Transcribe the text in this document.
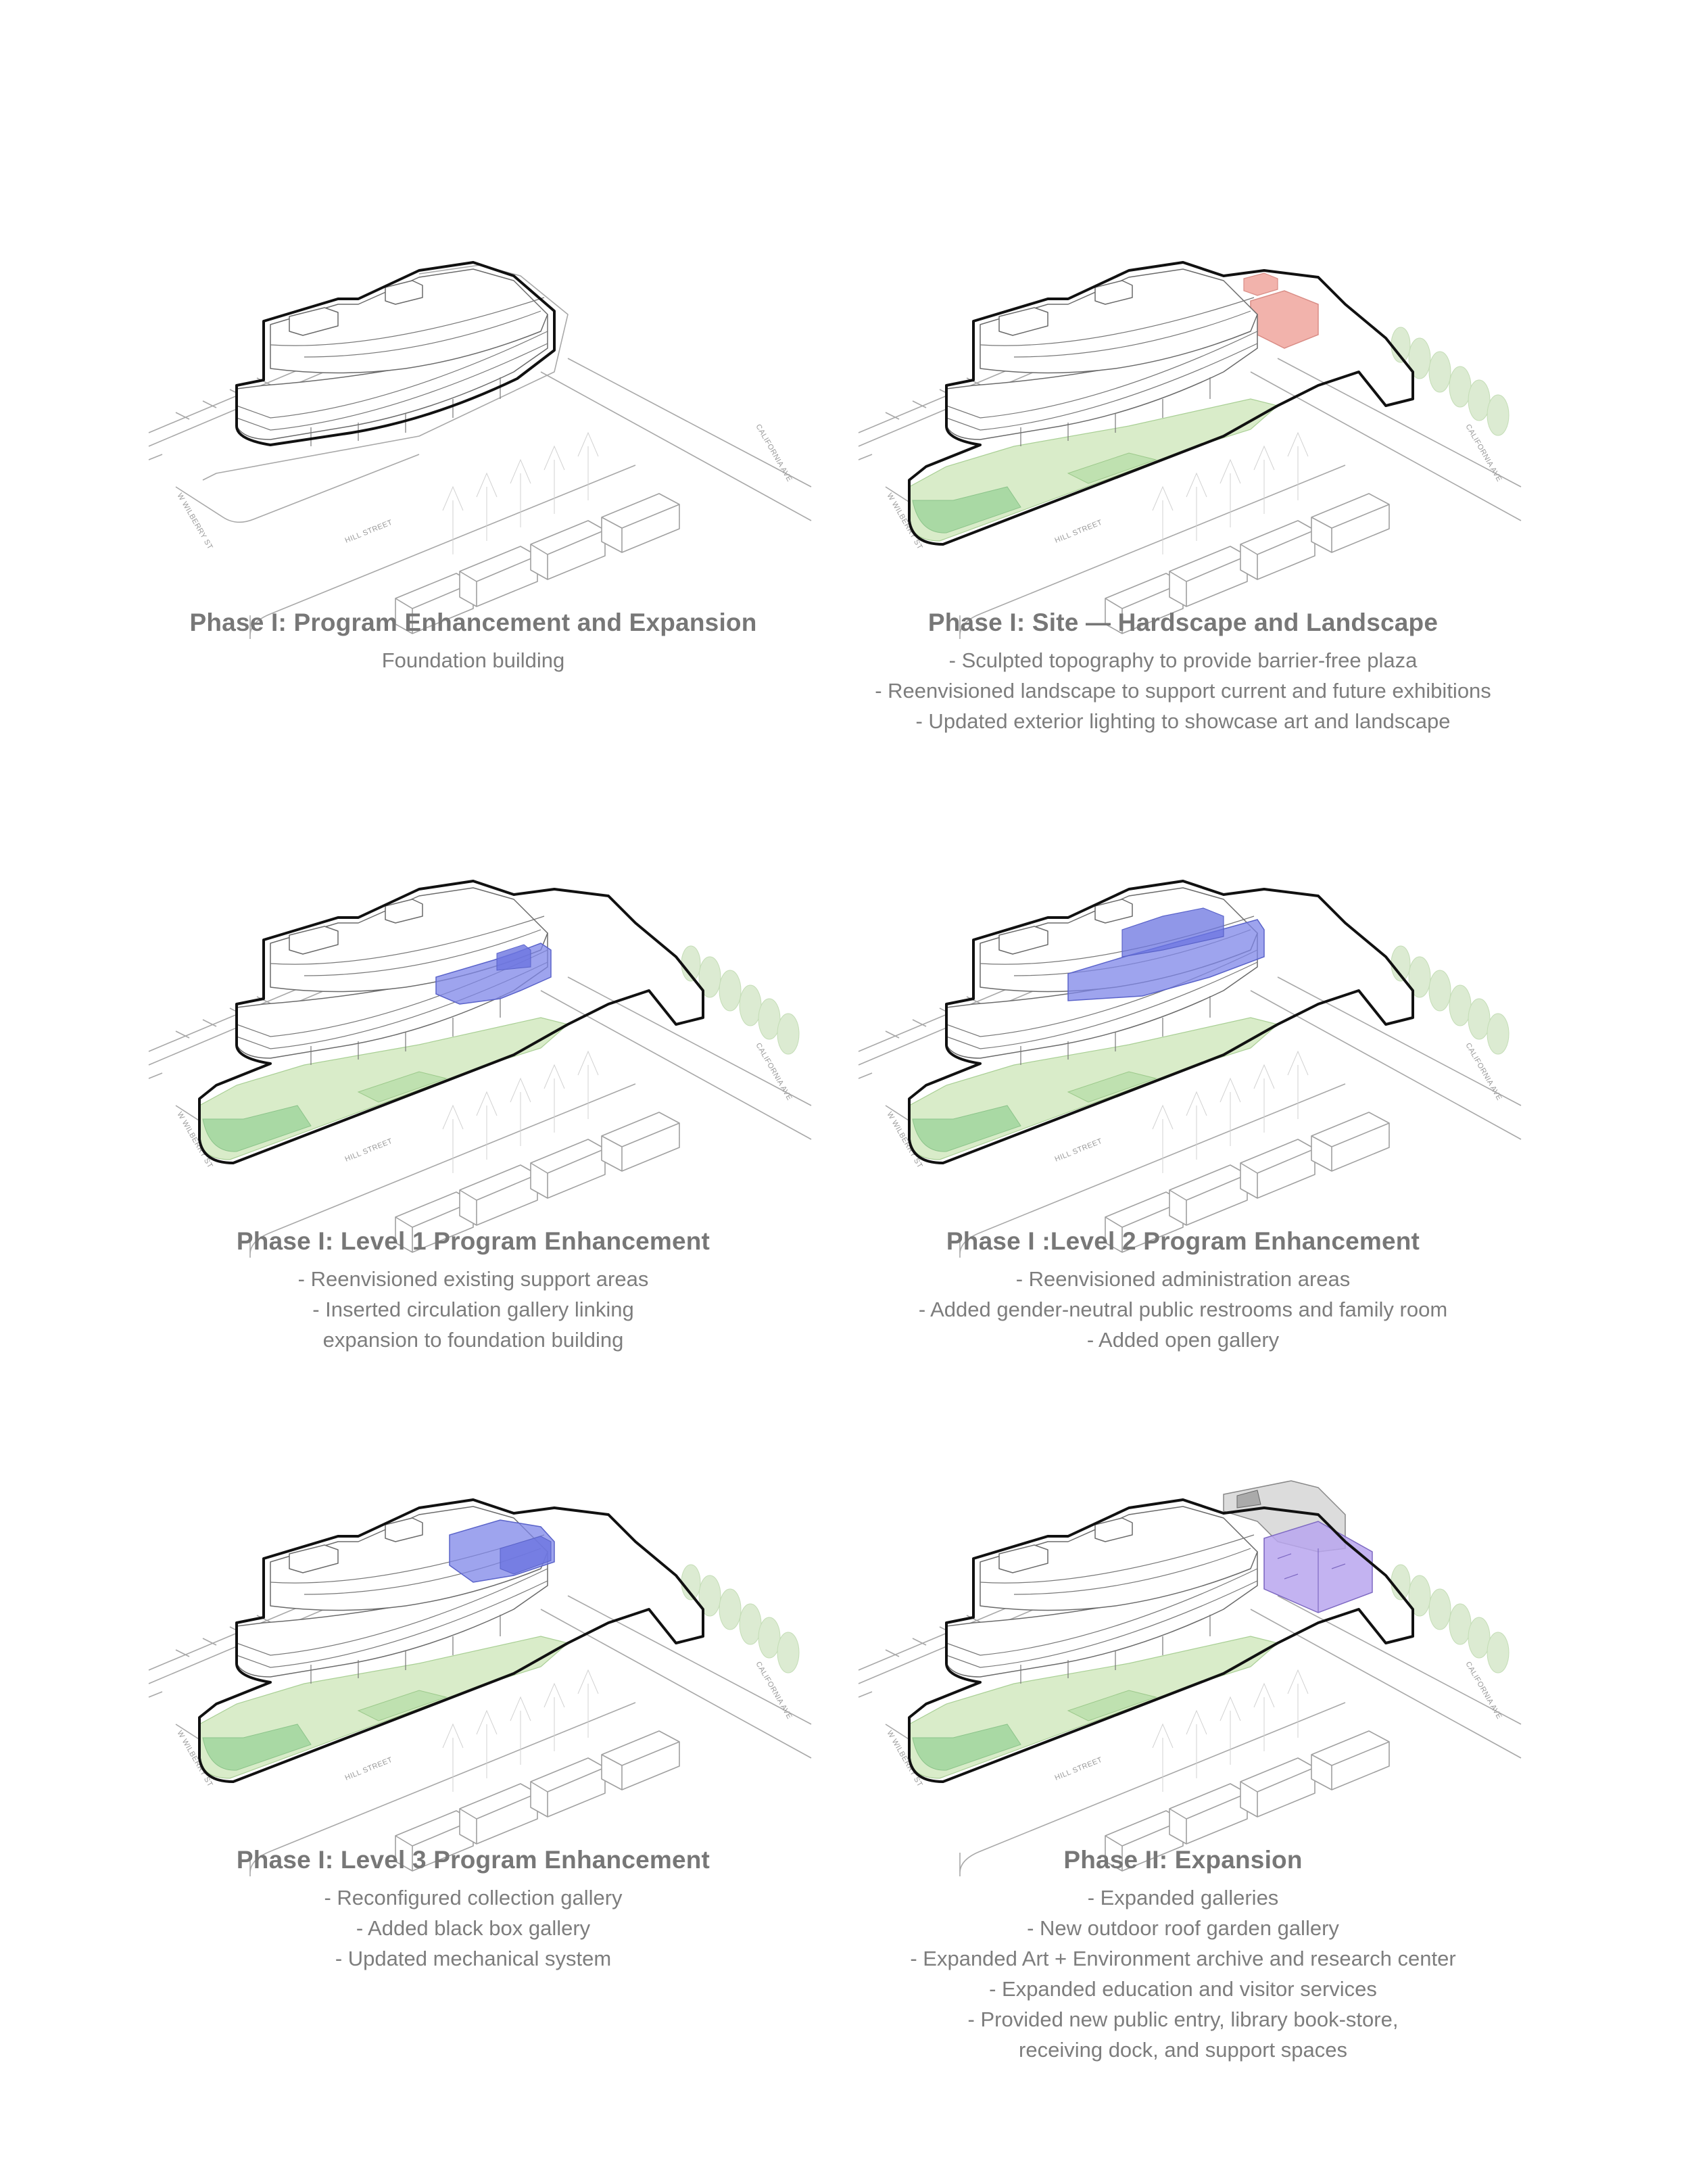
Phase I: Program Enhancement and Expansion
Foundation building
Phase I: Site — Hardscape and Landscape
- Sculpted topography to provide barrier-free plaza
- Reenvisioned landscape to support current and future exhibitions
- Updated exterior lighting to showcase art and landscape
Phase I: Level 1 Program Enhancement
- Reenvisioned existing support areas
- Inserted circulation gallery linking
expansion to foundation building
Phase I :Level 2 Program Enhancement
- Reenvisioned administration areas
- Added gender-neutral public restrooms and family room
- Added open gallery
Phase I: Level 3 Program Enhancement
- Reconfigured collection gallery
- Added black box gallery
- Updated mechanical system
Phase II: Expansion
- Expanded galleries
- New outdoor roof garden gallery
- Expanded Art + Environment archive and research center
- Expanded education and visitor services
- Provided new public entry, library book-store,
receiving dock, and support spaces
